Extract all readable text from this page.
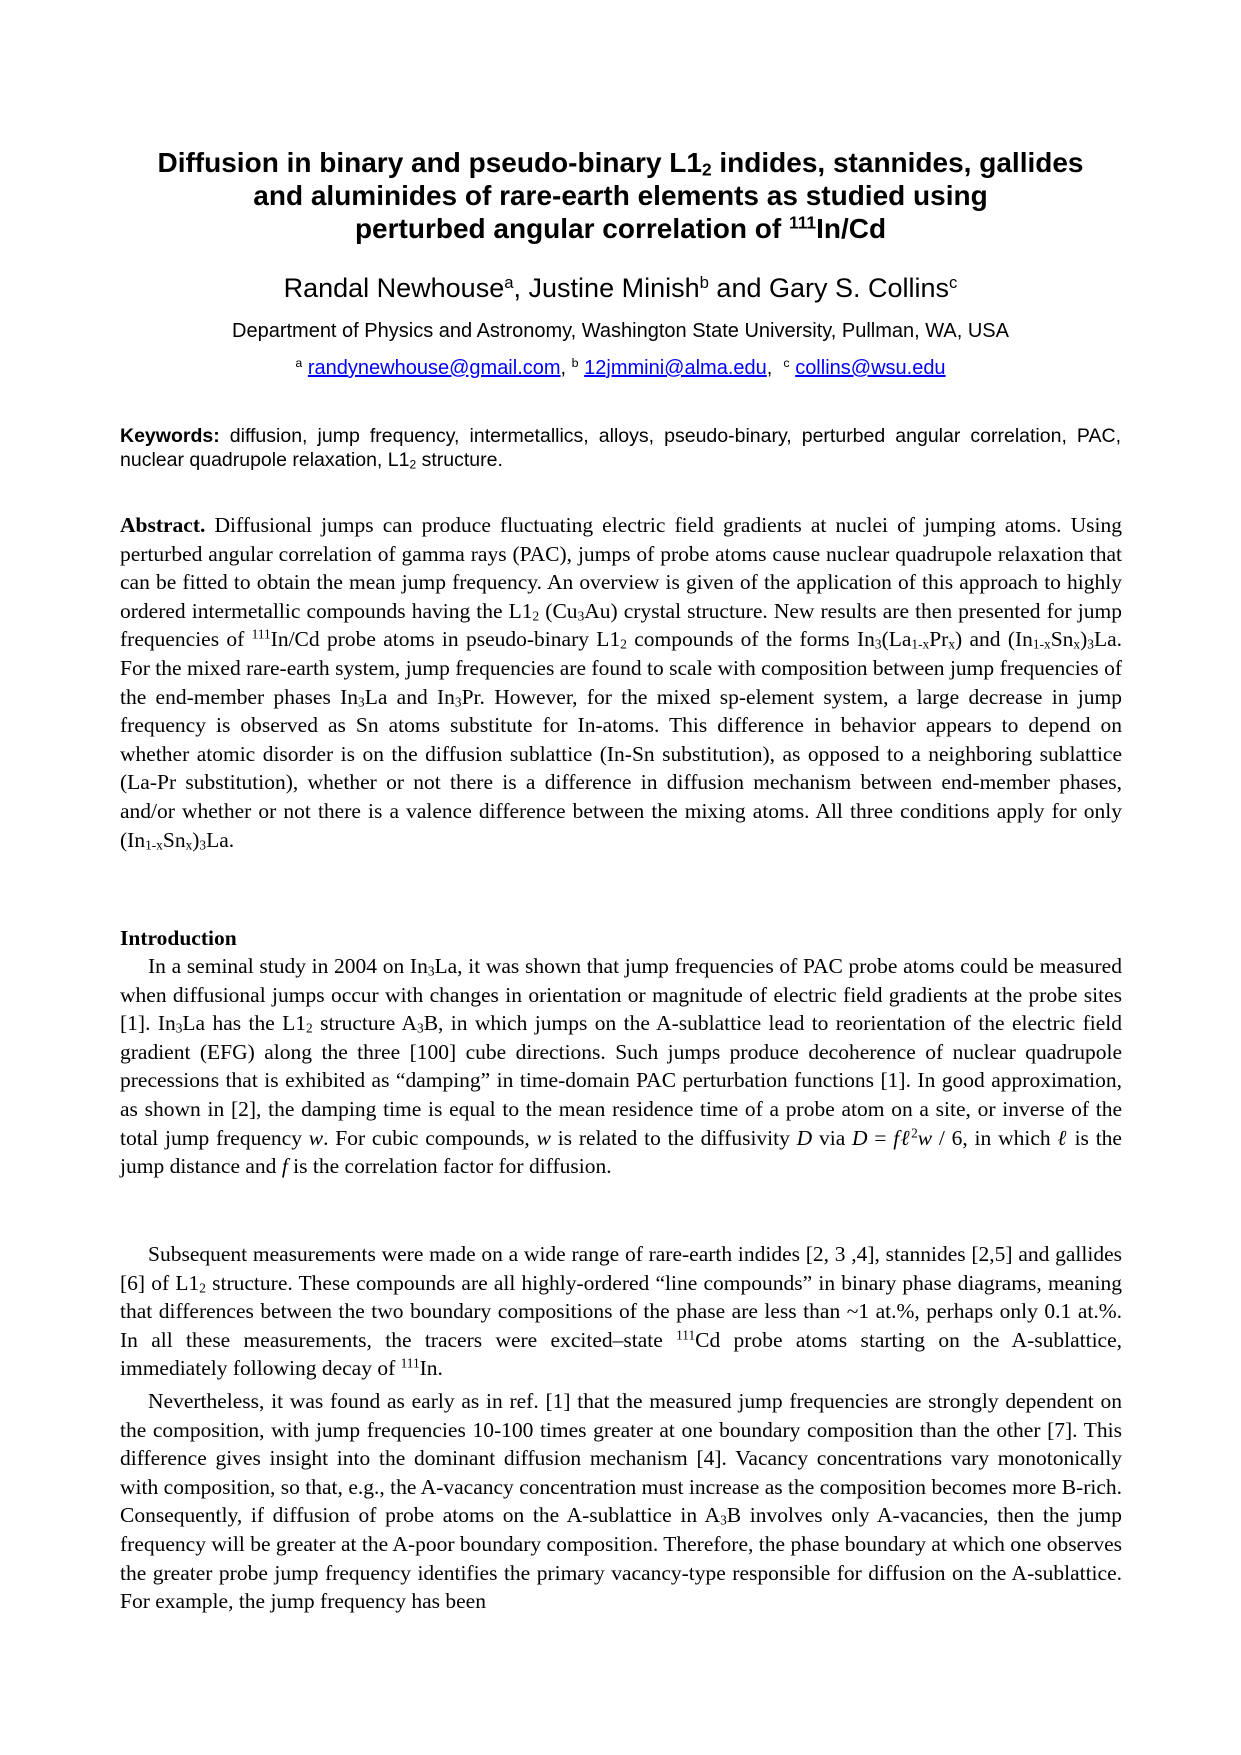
Diffusion in binary and pseudo-binary $L1_2$ indides, stannides, gallides
and aluminides of rare-earth elements as studied using
perturbed angular correlation of $^{111}$In/Cd
Randal Newhouse$^a$, Justine Minish$^b$ and Gary S. Collins$^c$
Department of Physics and Astronomy, Washington State University, Pullman, WA, USA
$^a$ randynewhouse@gmail.com, $^b$ 12jmmini@alma.edu,  $^c$ collins@wsu.edu
Keywords: diffusion, jump frequency, intermetallics, alloys, pseudo-binary, perturbed angular correlation, PAC, nuclear quadrupole relaxation, $L1_2$ structure.
Abstract. Diffusional jumps can produce fluctuating electric field gradients at nuclei of jumping atoms. Using perturbed angular correlation of gamma rays (PAC), jumps of probe atoms cause nuclear quadrupole relaxation that can be fitted to obtain the mean jump frequency. An overview is given of the application of this approach to highly ordered intermetallic compounds having the $L1_2$ $(Cu_3Au)$ crystal structure. New results are then presented for jump frequencies of $^{111}$In/Cd probe atoms in pseudo-binary $L1_2$ compounds of the forms $In_3(La_{1-x}Pr_x)$ and $(In_{1-x}Sn_x)_3La$. For the mixed rare-earth system, jump frequencies are found to scale with composition between jump frequencies of the end-member phases $In_3La$ and $In_3Pr$. However, for the mixed sp-element system, a large decrease in jump frequency is observed as Sn atoms substitute for In-atoms. This difference in behavior appears to depend on whether atomic disorder is on the diffusion sublattice (In-Sn substitution), as opposed to a neighboring sublattice (La-Pr substitution), whether or not there is a difference in diffusion mechanism between end-member phases, and/or whether or not there is a valence difference between the mixing atoms. All three conditions apply for only $(In_{1-x}Sn_x)_3La$.
Introduction
In a seminal study in 2004 on $In_3La$, it was shown that jump frequencies of PAC probe atoms could be measured when diffusional jumps occur with changes in orientation or magnitude of electric field gradients at the probe sites [1]. $In_3La$ has the $L1_2$ structure $A_3B$, in which jumps on the A-sublattice lead to reorientation of the electric field gradient (EFG) along the three [100] cube directions. Such jumps produce decoherence of nuclear quadrupole precessions that is exhibited as “damping” in time-domain PAC perturbation functions [1]. In good approximation, as shown in [2], the damping time is equal to the mean residence time of a probe atom on a site, or inverse of the total jump frequency w. For cubic compounds, w is related to the diffusivity D via D = fℓ$^2$w / 6, in which ℓ is the jump distance and f is the correlation factor for diffusion.
Subsequent measurements were made on a wide range of rare-earth indides [2, 3 ,4], stannides [2,5] and gallides [6] of $L1_2$ structure. These compounds are all highly-ordered “line compounds” in binary phase diagrams, meaning that differences between the two boundary compositions of the phase are less than ~1 at.%, perhaps only 0.1 at.%. In all these measurements, the tracers were excited–state $^{111}$Cd probe atoms starting on the A-sublattice, immediately following decay of $^{111}$In.
Nevertheless, it was found as early as in ref. [1] that the measured jump frequencies are strongly dependent on the composition, with jump frequencies 10-100 times greater at one boundary composition than the other [7]. This difference gives insight into the dominant diffusion mechanism [4]. Vacancy concentrations vary monotonically with composition, so that, e.g., the A-vacancy concentration must increase as the composition becomes more B-rich. Consequently, if diffusion of probe atoms on the A-sublattice in $A_3B$ involves only A-vacancies, then the jump frequency will be greater at the A-poor boundary composition. Therefore, the phase boundary at which one observes the greater probe jump frequency identifies the primary vacancy-type responsible for diffusion on the A-sublattice. For example, the jump frequency has been
